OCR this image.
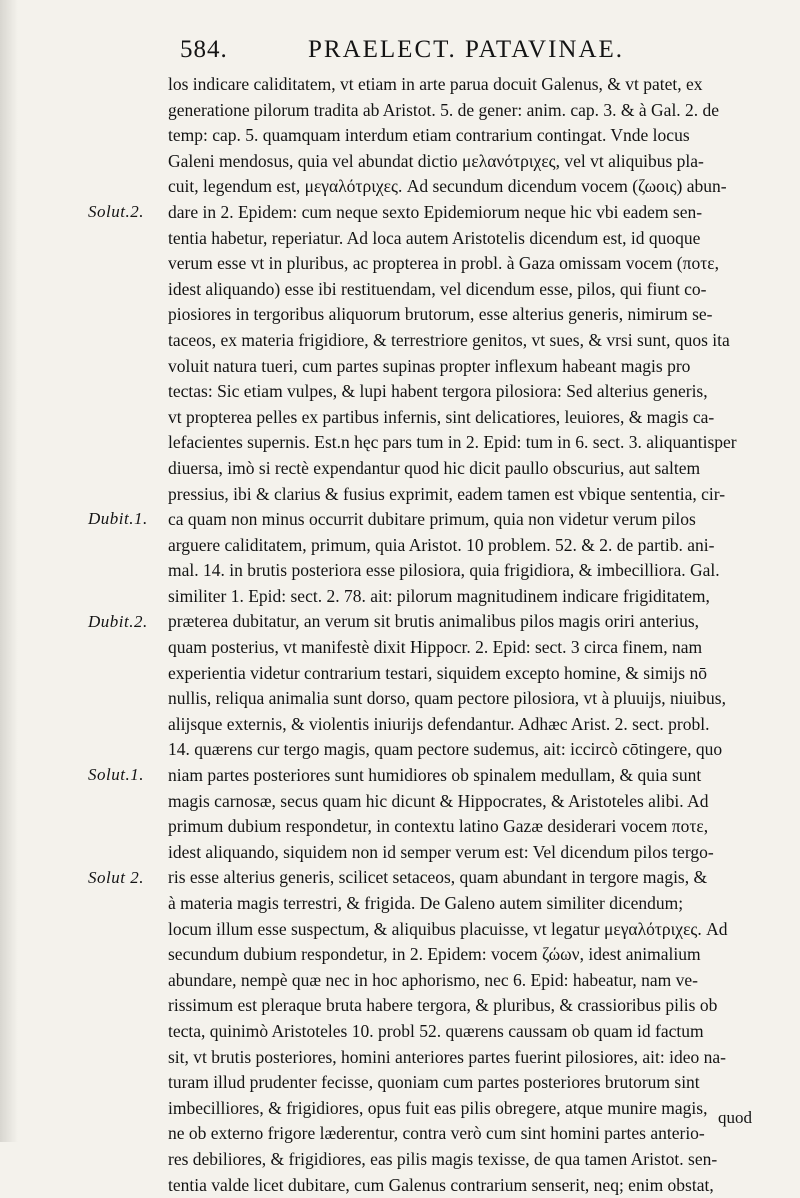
584.	PRAELECT. PATAVINAE.
Solut.2.
Dubit.1.
Dubit.2.
Solut.1.
Solut 2.
los indicare caliditatem, vt etiam in arte parua docuit Galenus, & vt patet, ex
generatione pilorum tradita ab Aristot. 5. de gener: anim. cap. 3. & à Gal. 2. de
temp: cap. 5. quamquam interdum etiam contrarium contingat. Vnde locus
Galeni mendosus, quia vel abundat dictio μελανότριχες, vel vt aliquibus pla-
cuit, legendum est, μεγαλότριχες. Ad secundum dicendum vocem (ζωοις) abun-
dare in 2. Epidem: cum neque sexto Epidemiorum neque hic vbi eadem sen-
tentia habetur, reperiatur. Ad loca autem Aristotelis dicendum est, id quoque
verum esse vt in pluribus, ac propterea in probl. à Gaza omissam vocem (ποτε,
idest aliquando) esse ibi restituendam, vel dicendum esse, pilos, qui fiunt co-
piosiores in tergoribus aliquorum brutorum, esse alterius generis, nimirum se-
taceos, ex materia frigidiore, & terrestriore genitos, vt sues, & vrsi sunt, quos ita
voluit natura tueri, cum partes supinas propter inflexum habeant magis pro
tectas: Sic etiam vulpes, & lupi habent tergora pilosiora: Sed alterius generis,
vt propterea pelles ex partibus infernis, sint delicatiores, leuiores, & magis ca-
lefacientes supernis. Est.n hęc pars tum in 2. Epid: tum in 6. sect. 3. aliquantisper
diuersa, imò si rectè expendantur quod hic dicit paullo obscurius, aut saltem
pressius, ibi & clarius & fusius exprimit, eadem tamen est vbique sententia, cir-
ca quam non minus occurrit dubitare primum, quia non videtur verum pilos
arguere caliditatem, primum, quia Aristot. 10 problem. 52. & 2. de partib. ani-
mal. 14. in brutis posteriora esse pilosiora, quia frigidiora, & imbecilliora. Gal.
similiter 1. Epid: sect. 2. 78. ait: pilorum magnitudinem indicare frigiditatem,
præterea dubitatur, an verum sit brutis animalibus pilos magis oriri anterius,
quam posterius, vt manifestè dixit Hippocr. 2. Epid: sect. 3 circa finem, nam
experientia videtur contrarium testari, siquidem excepto homine, & simijs nō
nullis, reliqua animalia sunt dorso, quam pectore pilosiora, vt à pluuijs, niuibus,
alijsque externis, & violentis iniurijs defendantur. Adhæc Arist. 2. sect. probl.
14. quærens cur tergo magis, quam pectore sudemus, ait: iccircò cōtingere, quo
niam partes posteriores sunt humidiores ob spinalem medullam, & quia sunt
magis carnosæ, secus quam hic dicunt & Hippocrates, & Aristoteles alibi. Ad
primum dubium respondetur, in contextu latino Gazæ desiderari vocem ποτε,
idest aliquando, siquidem non id semper verum est: Vel dicendum pilos tergo-
ris esse alterius generis, scilicet setaceos, quam abundant in tergore magis, &
à materia magis terrestri, & frigida. De Galeno autem similiter dicendum;
locum illum esse suspectum, & aliquibus placuisse, vt legatur μεγαλότριχες. Ad
secundum dubium respondetur, in 2. Epidem: vocem ζώων, idest animalium
abundare, nempè quæ nec in hoc aphorismo, nec 6. Epid: habeatur, nam ve-
rissimum est pleraque bruta habere tergora, & pluribus, & crassioribus pilis ob
tecta, quinimò Aristoteles 10. probl 52. quærens caussam ob quam id factum
sit, vt brutis posteriores, homini anteriores partes fuerint pilosiores, ait: ideo na-
turam illud prudenter fecisse, quoniam cum partes posteriores brutorum sint
imbecilliores, & frigidiores, opus fuit eas pilis obregere, atque munire magis,
ne ob externo frigore læderentur, contra verò cum sint homini partes anterio-
res debiliores, & frigidiores, eas pilis magis texisse, de qua tamen Aristot. sen-
tentia valde licet dubitare, cum Galenus contrarium senserit, neq; enim obstat,
quod
